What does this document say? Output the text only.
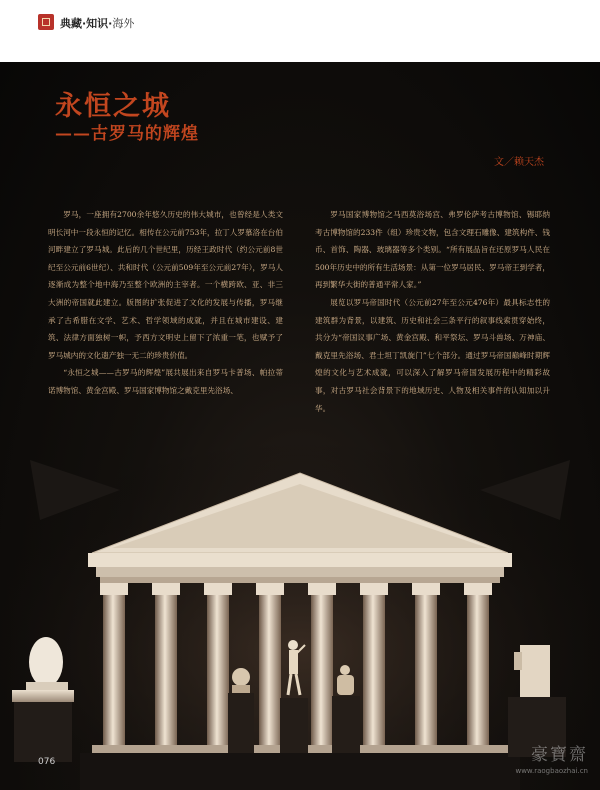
典藏·知识·海外
永恒之城
——古罗马的辉煌
文／赖天杰

罗马，一座拥有2700余年悠久历史的伟大城市，也曾经是人类文明长河中一段永恒的记忆。相传在公元前753年，拉丁人罗慕洛在台伯河畔建立了罗马城。此后的几个世纪里，历经王政时代（约公元前8世纪至公元前6世纪）、共和时代（公元前509年至公元前27年），罗马人逐渐成为整个地中海乃至整个欧洲的主宰者。一个横跨欧、亚、非三大洲的帝国就此建立。版图的扩张促进了文化的发展与传播，罗马继承了古希腊在文学、艺术、哲学领域的成就，并且在城市建设、建筑、法律方面独树一帜，予西方文明史上留下了浓重一笔，也赋予了罗马城内的文化遗产独一无二的珍贵价值。

“永恒之城——古罗马的辉煌”展共展出来自罗马卡普场、帕拉蒂诺博物馆、黄金宫殿、罗马国家博物馆之戴克里先浴场、

罗马国家博物馆之马西莫浴场宫、弗罗伦萨考古博物馆、锡耶纳考古博物馆的233件（组）珍贵文物，包含文理石雕像、建筑构件、钱币、首饰、陶器、玻璃器等多个类别。“所有展品旨在还原罗马人民在500年历史中的所有生活场景：从第一位罗马居民、罗马帝王到学者，再到繁华大街的普通平常人家。”

展览以罗马帝国时代（公元前27年至公元476年）最具标志性的建筑群为背景，以建筑、历史和社会三条平行的叙事线索贯穿始终，共分为“帝国议事广场、黄金宫殿、和平祭坛、罗马斗兽场、万神庙、戴克里先浴场、君士坦丁凯旋门”七个部分。通过罗马帝国巅峰时期辉煌的文化与艺术成就，可以深入了解罗马帝国发展历程中的精彩故事，对古罗马社会背景下的地域历史、人物及相关事件的认知加以升华。

076	豪寶齋
www.raogbaozhai.cn
